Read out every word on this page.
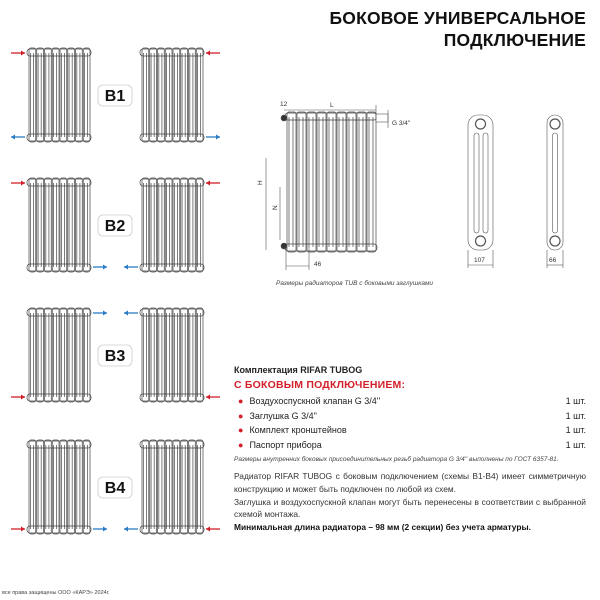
БОКОВОЕ УНИВЕРСАЛЬНОЕ
ПОДКЛЮЧЕНИЕ
B1
B2
B3
B4
12	L
H
N
G 3/4''
46
107	66
Размеры радиаторов TUB с боковыми заглушками
Комплектация RIFAR TUBOG
С БОКОВЫМ ПОДКЛЮЧЕНИЕМ:
● Воздухоспускной клапан G 3/4''	1 шт.
● Заглушка G 3/4''	1 шт.
● Комплект кронштейнов	1 шт.
● Паспорт прибора	1 шт.
Размеры внутренних боковых присоединительных резьб радиатора G 3/4'' выполнены по ГОСТ 6357-81.
Радиатор RIFAR TUBOG с боковым подключением (схемы В1-В4) имеет симметричную конструкцию и может быть подключен по любой из схем.
Заглушка и воздухоспускной клапан могут быть перенесены в соответствии с выбранной схемой монтажа.
Минимальная длина радиатора – 98 мм (2 секции) без учета арматуры.
все права защищены ООО «КАРЭ» 2024г.
